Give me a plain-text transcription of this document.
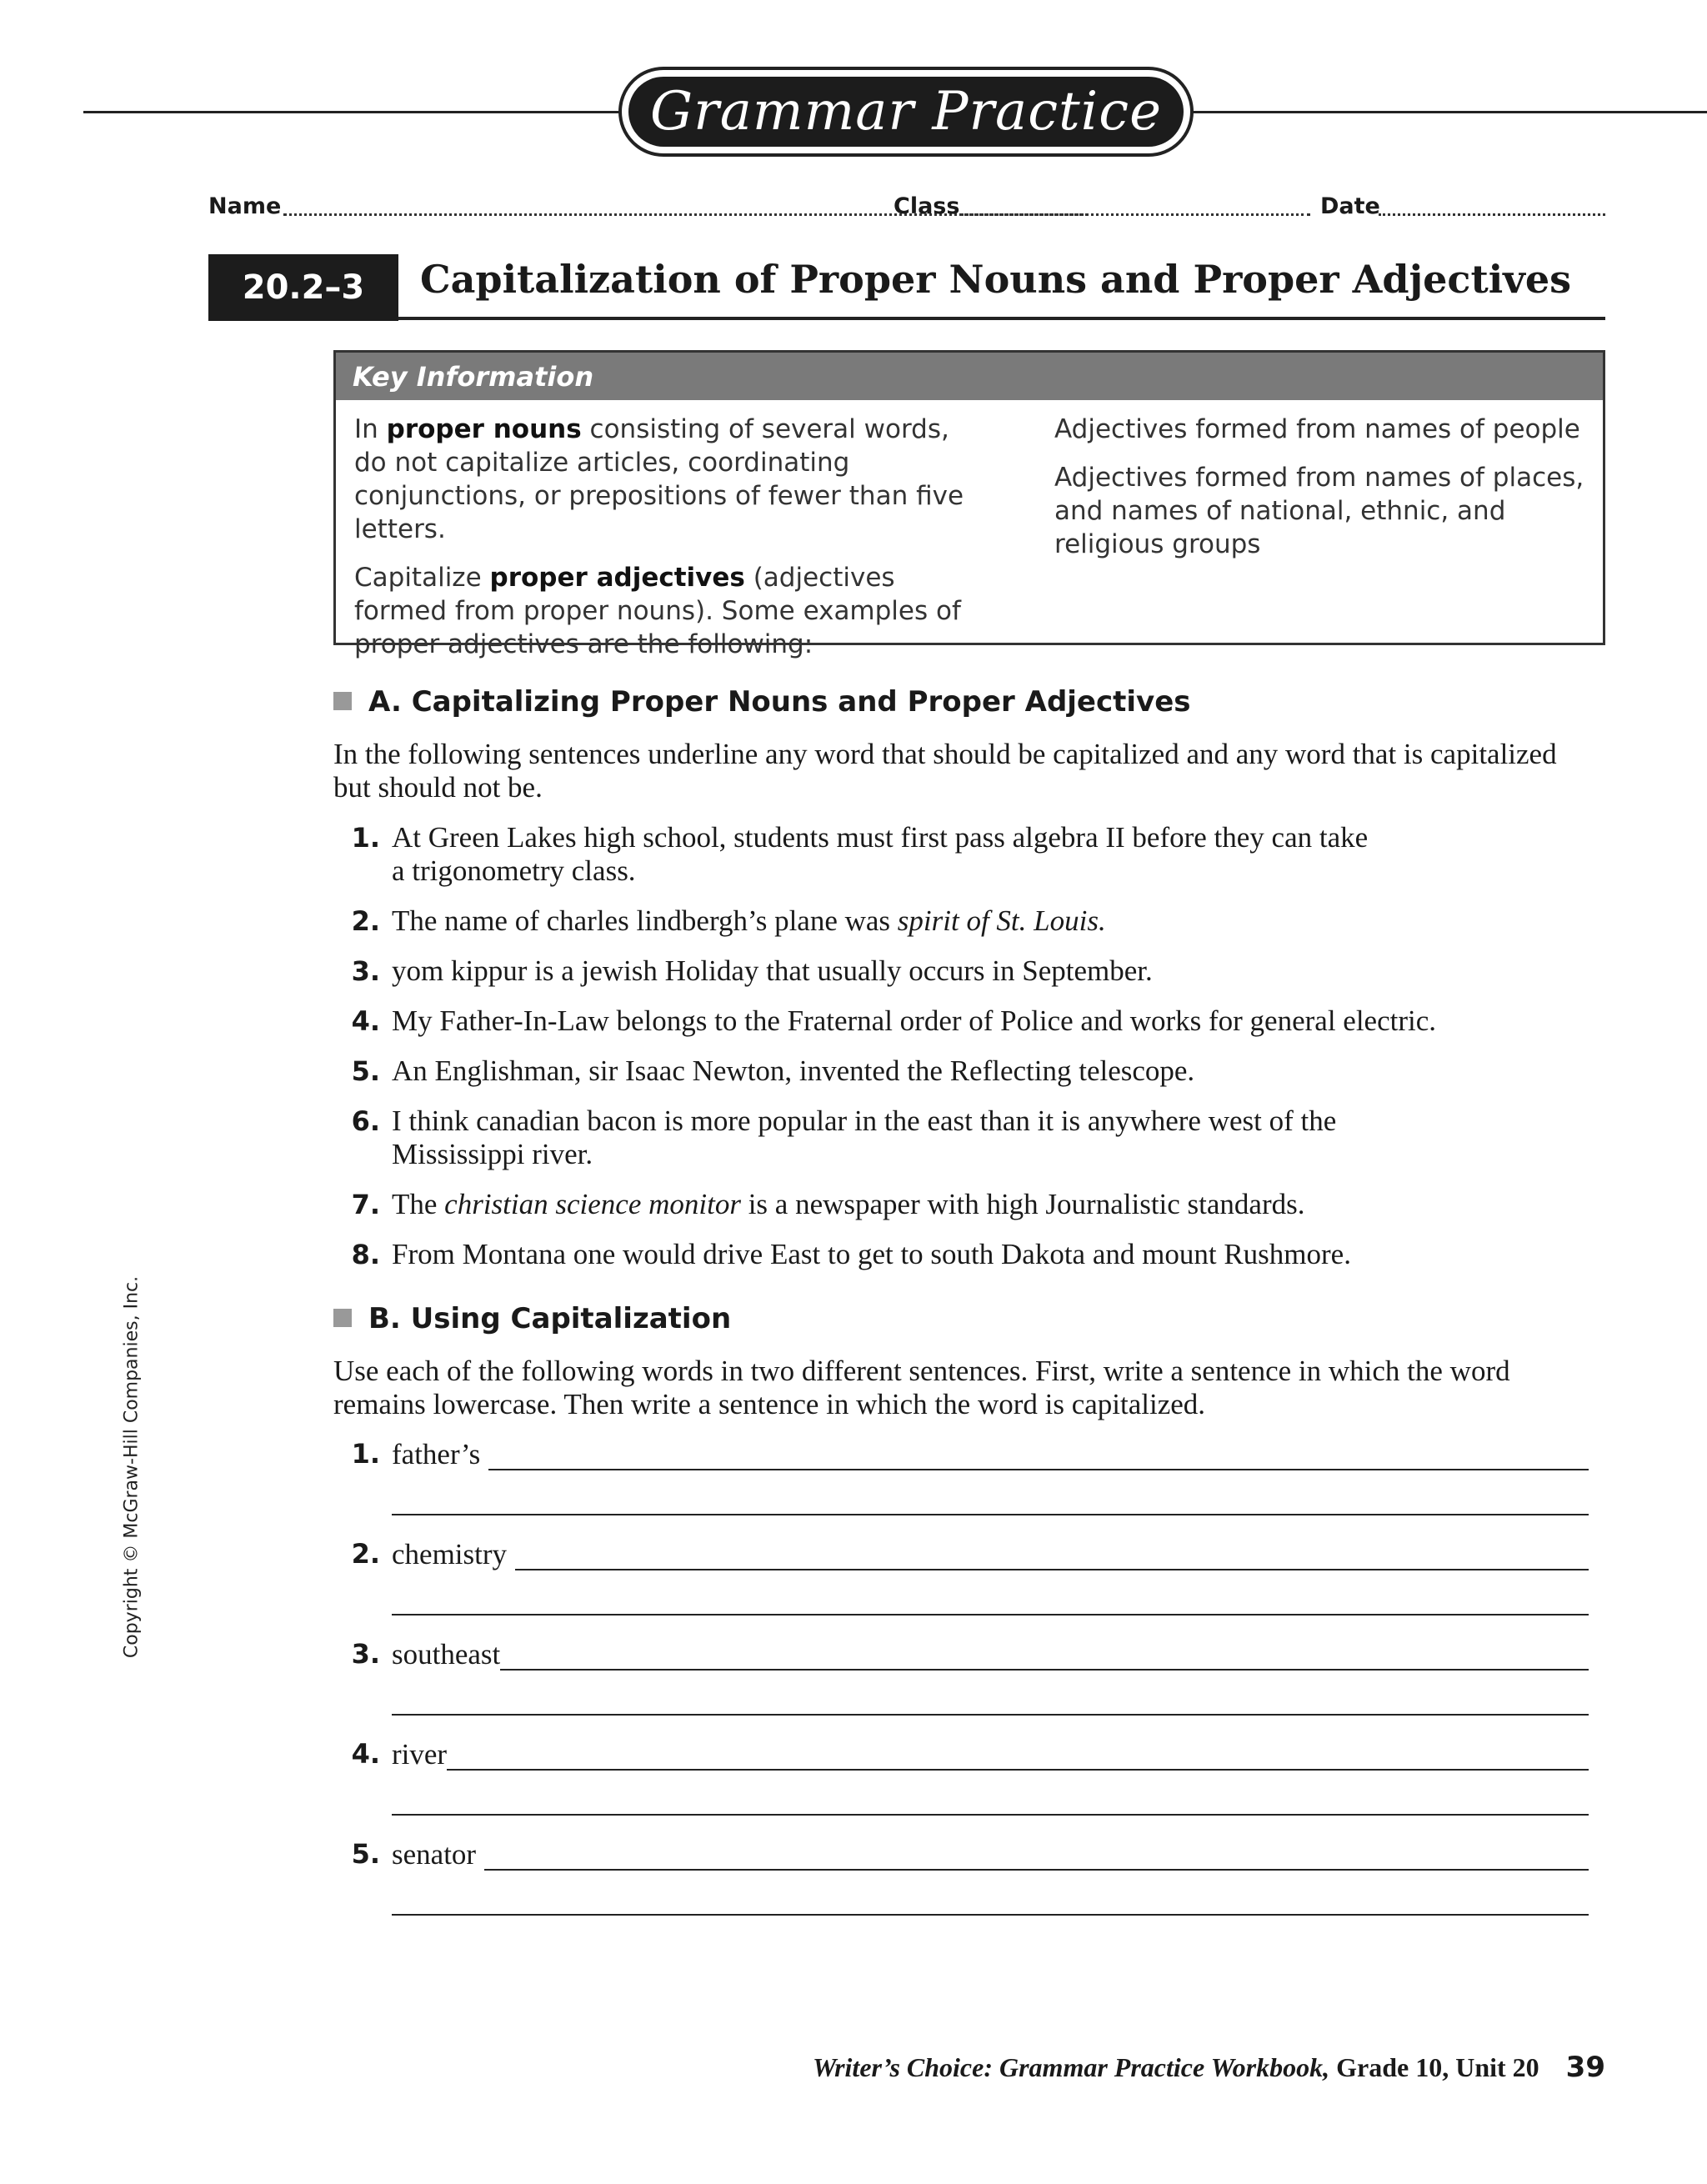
Grammar Practice
Name	Class	Date
20.2–3	Capitalization of Proper Nouns and Proper Adjectives
Key Information

In proper nouns consisting of several words, do not capitalize articles, coordinating conjunctions, or prepositions of fewer than five letters.

Capitalize proper adjectives (adjectives formed from proper nouns). Some examples of proper adjectives are the following:

Adjectives formed from names of people

Adjectives formed from names of places, and names of national, ethnic, and religious groups

A. Capitalizing Proper Nouns and Proper Adjectives
In the following sentences underline any word that should be capitalized and any word that is capitalized but should not be.
1. At Green Lakes high school, students must first pass algebra II before they can take
a trigonometry class.
2. The name of charles lindbergh’s plane was spirit of St. Louis.
3. yom kippur is a jewish Holiday that usually occurs in September.
4. My Father-In-Law belongs to the Fraternal order of Police and works for general electric.
5. An Englishman, sir Isaac Newton, invented the Reflecting telescope.
6. I think canadian bacon is more popular in the east than it is anywhere west of the
Mississippi river.
7. The christian science monitor is a newspaper with high Journalistic standards.
8. From Montana one would drive East to get to south Dakota and mount Rushmore.
B. Using Capitalization
Use each of the following words in two different sentences. First, write a sentence in which the word remains lowercase. Then write a sentence in which the word is capitalized.
1. father’s
2. chemistry
3. southeast
4. river
5. senator
Copyright © McGraw-Hill Companies, Inc.
Writer’s Choice: Grammar Practice Workbook, Grade 10, Unit 20 39
